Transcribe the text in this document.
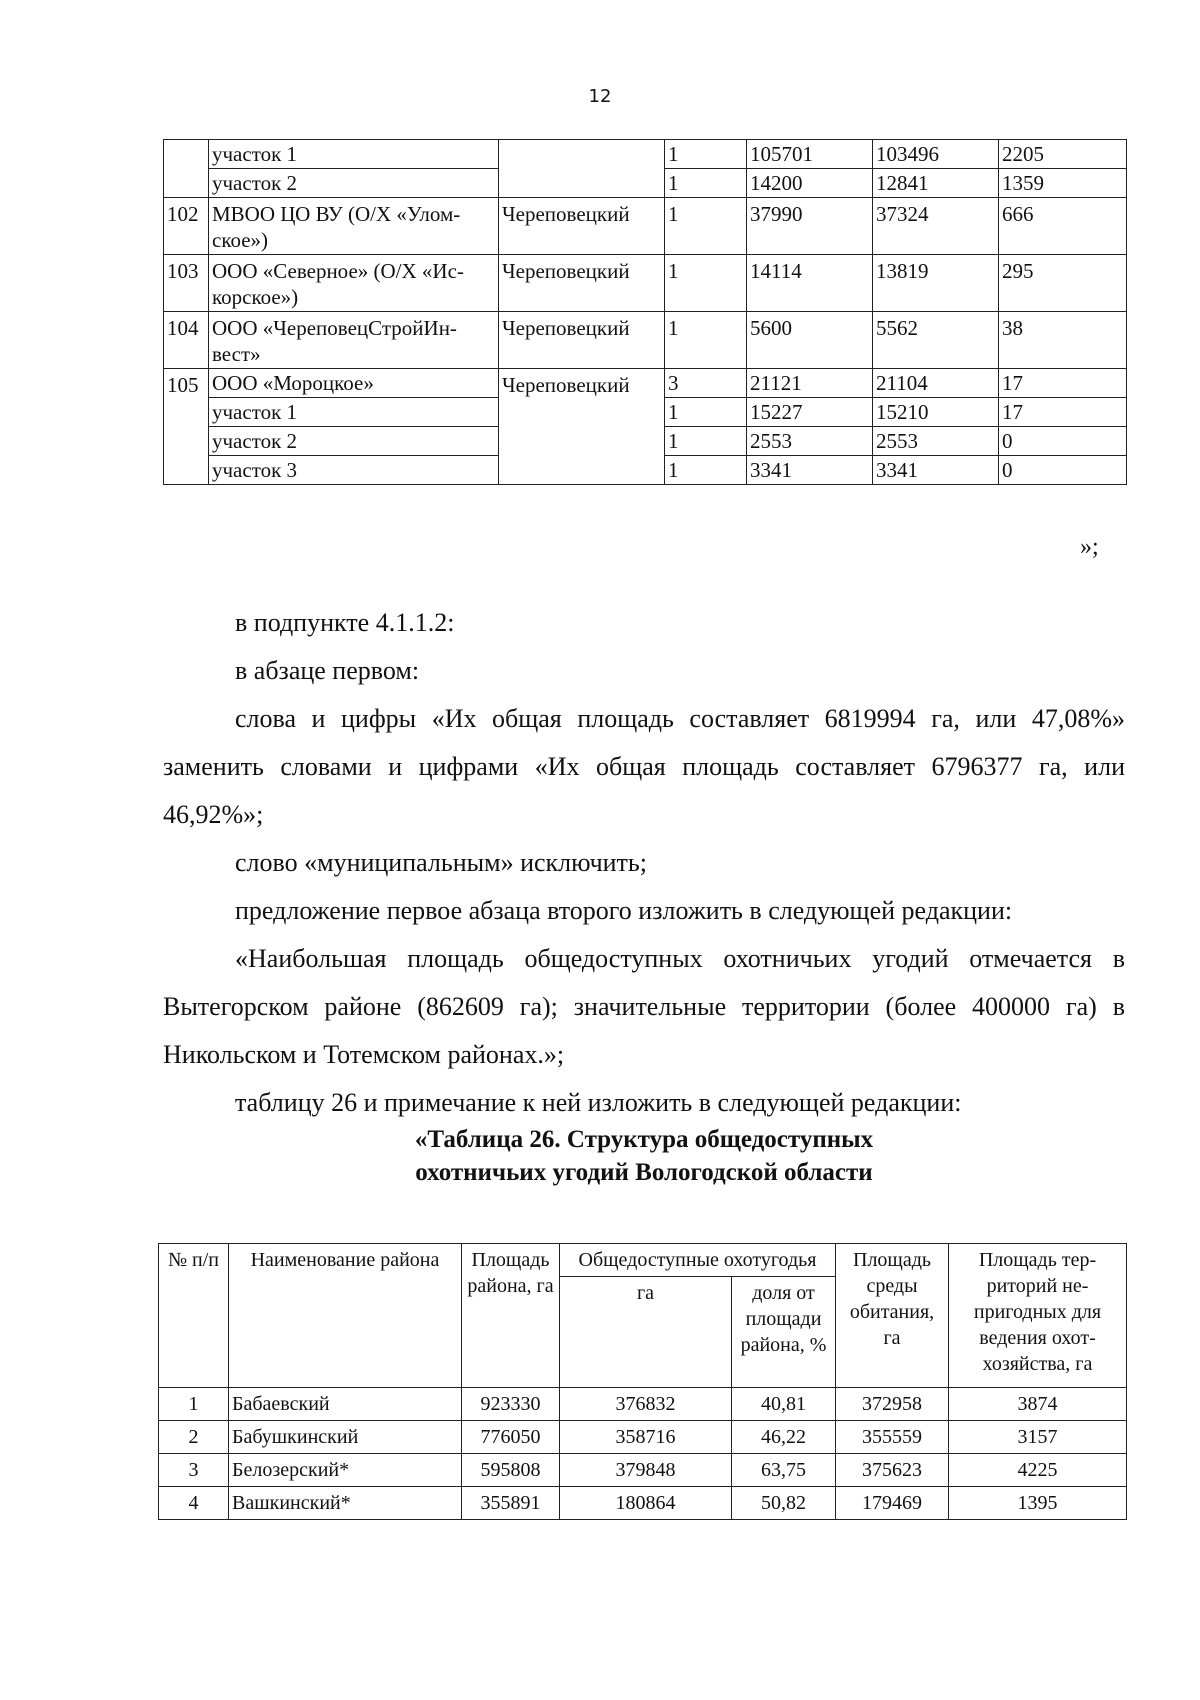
12
	участок 1		1	105701	103496	2205
	участок 2		1	14200	12841	1359
102	МВОО ЦО ВУ (О/Х «Улом-ское»)	Череповецкий	1	37990	37324	666
103	ООО «Северное» (О/Х «Ис-корское»)	Череповецкий	1	14114	13819	295
104	ООО «ЧереповецСтройИн-вест»	Череповецкий	1	5600	5562	38
105	ООО «Мороцкое»	Череповецкий	3	21121	21104	17
	участок 1		1	15227	15210	17
	участок 2		1	2553	2553	0
	участок 3		1	3341	3341	0
»;
в подпункте 4.1.1.2:
в абзаце первом:
слова и цифры «Их общая площадь составляет 6819994 га, или 47,08%»
заменить словами и цифрами «Их общая площадь составляет 6796377 га, или
46,92%»;
слово «муниципальным» исключить;
предложение первое абзаца второго изложить в следующей редакции:
«Наибольшая площадь общедоступных охотничьих угодий отмечается в
Вытегорском районе (862609 га); значительные территории (более 400000 га) в
Никольском и Тотемском районах.»;
таблицу 26 и примечание к ней изложить в следующей редакции:
«Таблица 26. Структура общедоступных
охотничьих угодий Вологодской области
№ п/п	Наименование района	Площадь района, га	Общедоступные охотугодья		Площадь среды обитания, га	Площадь тер-риторий не-пригодных для ведения охот-хозяйства, га
			га	доля от площади района, %		
1	Бабаевский	923330	376832	40,81	372958	3874
2	Бабушкинский	776050	358716	46,22	355559	3157
3	Белозерский*	595808	379848	63,75	375623	4225
4	Вашкинский*	355891	180864	50,82	179469	1395
